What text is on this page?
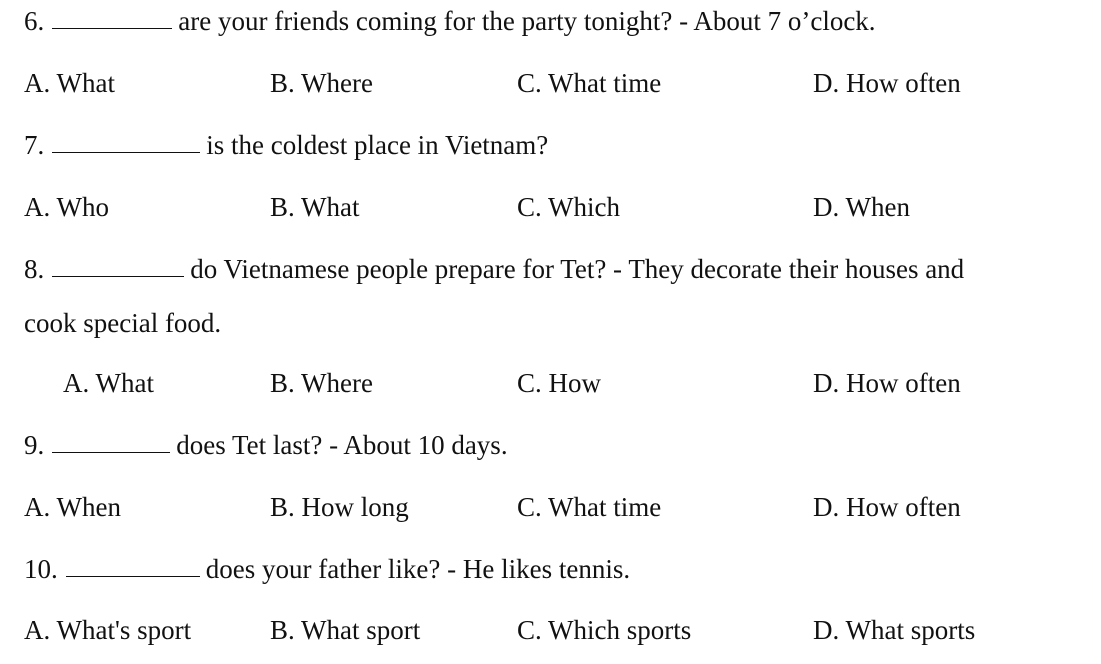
6.	are your friends coming for the party tonight? - About 7 o’clock.
A. What	B. Where	C. What time	D. How often
7.	is the coldest place in Vietnam?
A. Who	B. What	C. Which	D. When
8.	do Vietnamese people prepare for Tet? - They decorate their houses and
cook special food.
A. What	B. Where	C. How	D. How often
9.	does Tet last? - About 10 days.
A. When	B. How long	C. What time	D. How often
10.	does your father like? - He likes tennis.
A. What's sport	B. What sport	C. Which sports	D. What sports
